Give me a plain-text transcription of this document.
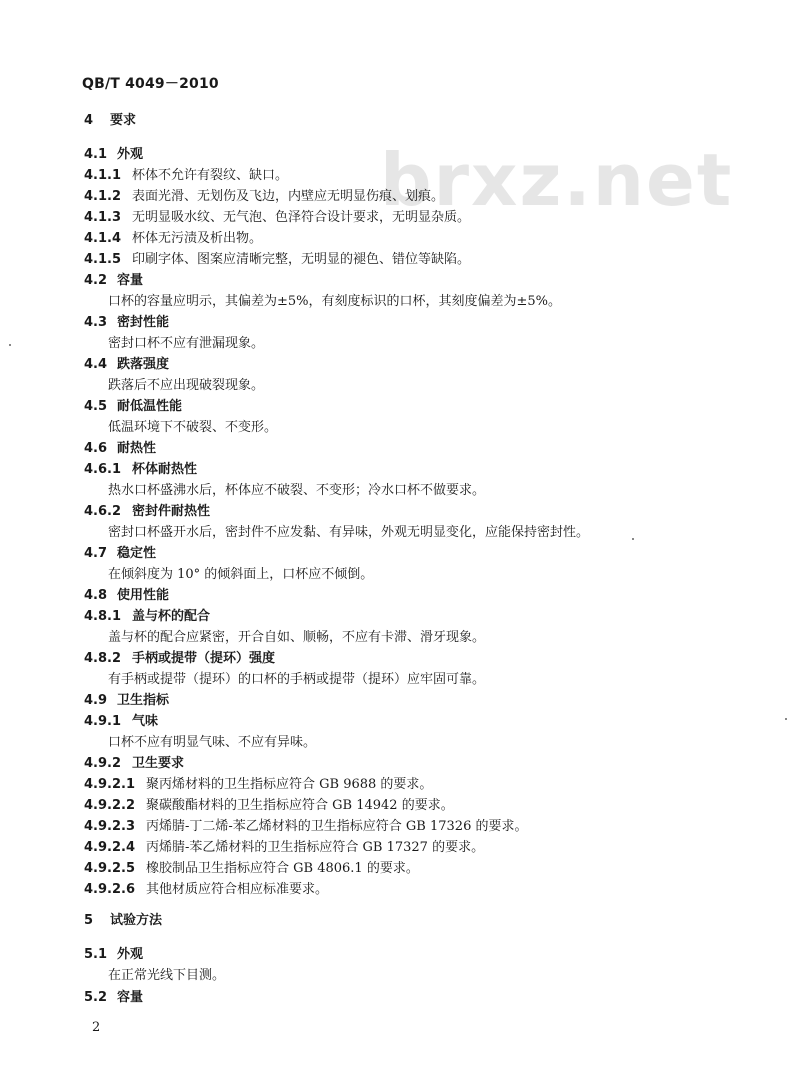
brxz.net
QB/T 4049－2010
4 要求
4.1 外观
4.1.1 杯体不允许有裂纹、缺口。
4.1.2 表面光滑、无划伤及飞边，内壁应无明显伤痕、划痕。
4.1.3 无明显吸水纹、无气泡、色泽符合设计要求，无明显杂质。
4.1.4 杯体无污渍及析出物。
4.1.5 印刷字体、图案应清晰完整，无明显的褪色、错位等缺陷。
4.2 容量
口杯的容量应明示，其偏差为±5%，有刻度标识的口杯，其刻度偏差为±5%。
4.3 密封性能
密封口杯不应有泄漏现象。
4.4 跌落强度
跌落后不应出现破裂现象。
4.5 耐低温性能
低温环境下不破裂、不变形。
4.6 耐热性
4.6.1 杯体耐热性
热水口杯盛沸水后，杯体应不破裂、不变形；冷水口杯不做要求。
4.6.2 密封件耐热性
密封口杯盛开水后，密封件不应发黏、有异味，外观无明显变化，应能保持密封性。
4.7 稳定性
在倾斜度为 10° 的倾斜面上，口杯应不倾倒。
4.8 使用性能
4.8.1 盖与杯的配合
盖与杯的配合应紧密，开合自如、顺畅，不应有卡滞、滑牙现象。
4.8.2 手柄或提带（提环）强度
有手柄或提带（提环）的口杯的手柄或提带（提环）应牢固可靠。
4.9 卫生指标
4.9.1 气味
口杯不应有明显气味、不应有异味。
4.9.2 卫生要求
4.9.2.1 聚丙烯材料的卫生指标应符合 GB 9688 的要求。
4.9.2.2 聚碳酸酯材料的卫生指标应符合 GB 14942 的要求。
4.9.2.3 丙烯腈-丁二烯-苯乙烯材料的卫生指标应符合 GB 17326 的要求。
4.9.2.4 丙烯腈-苯乙烯材料的卫生指标应符合 GB 17327 的要求。
4.9.2.5 橡胶制品卫生指标应符合 GB 4806.1 的要求。
4.9.2.6 其他材质应符合相应标准要求。
5 试验方法
5.1 外观
在正常光线下目测。
5.2 容量
2
